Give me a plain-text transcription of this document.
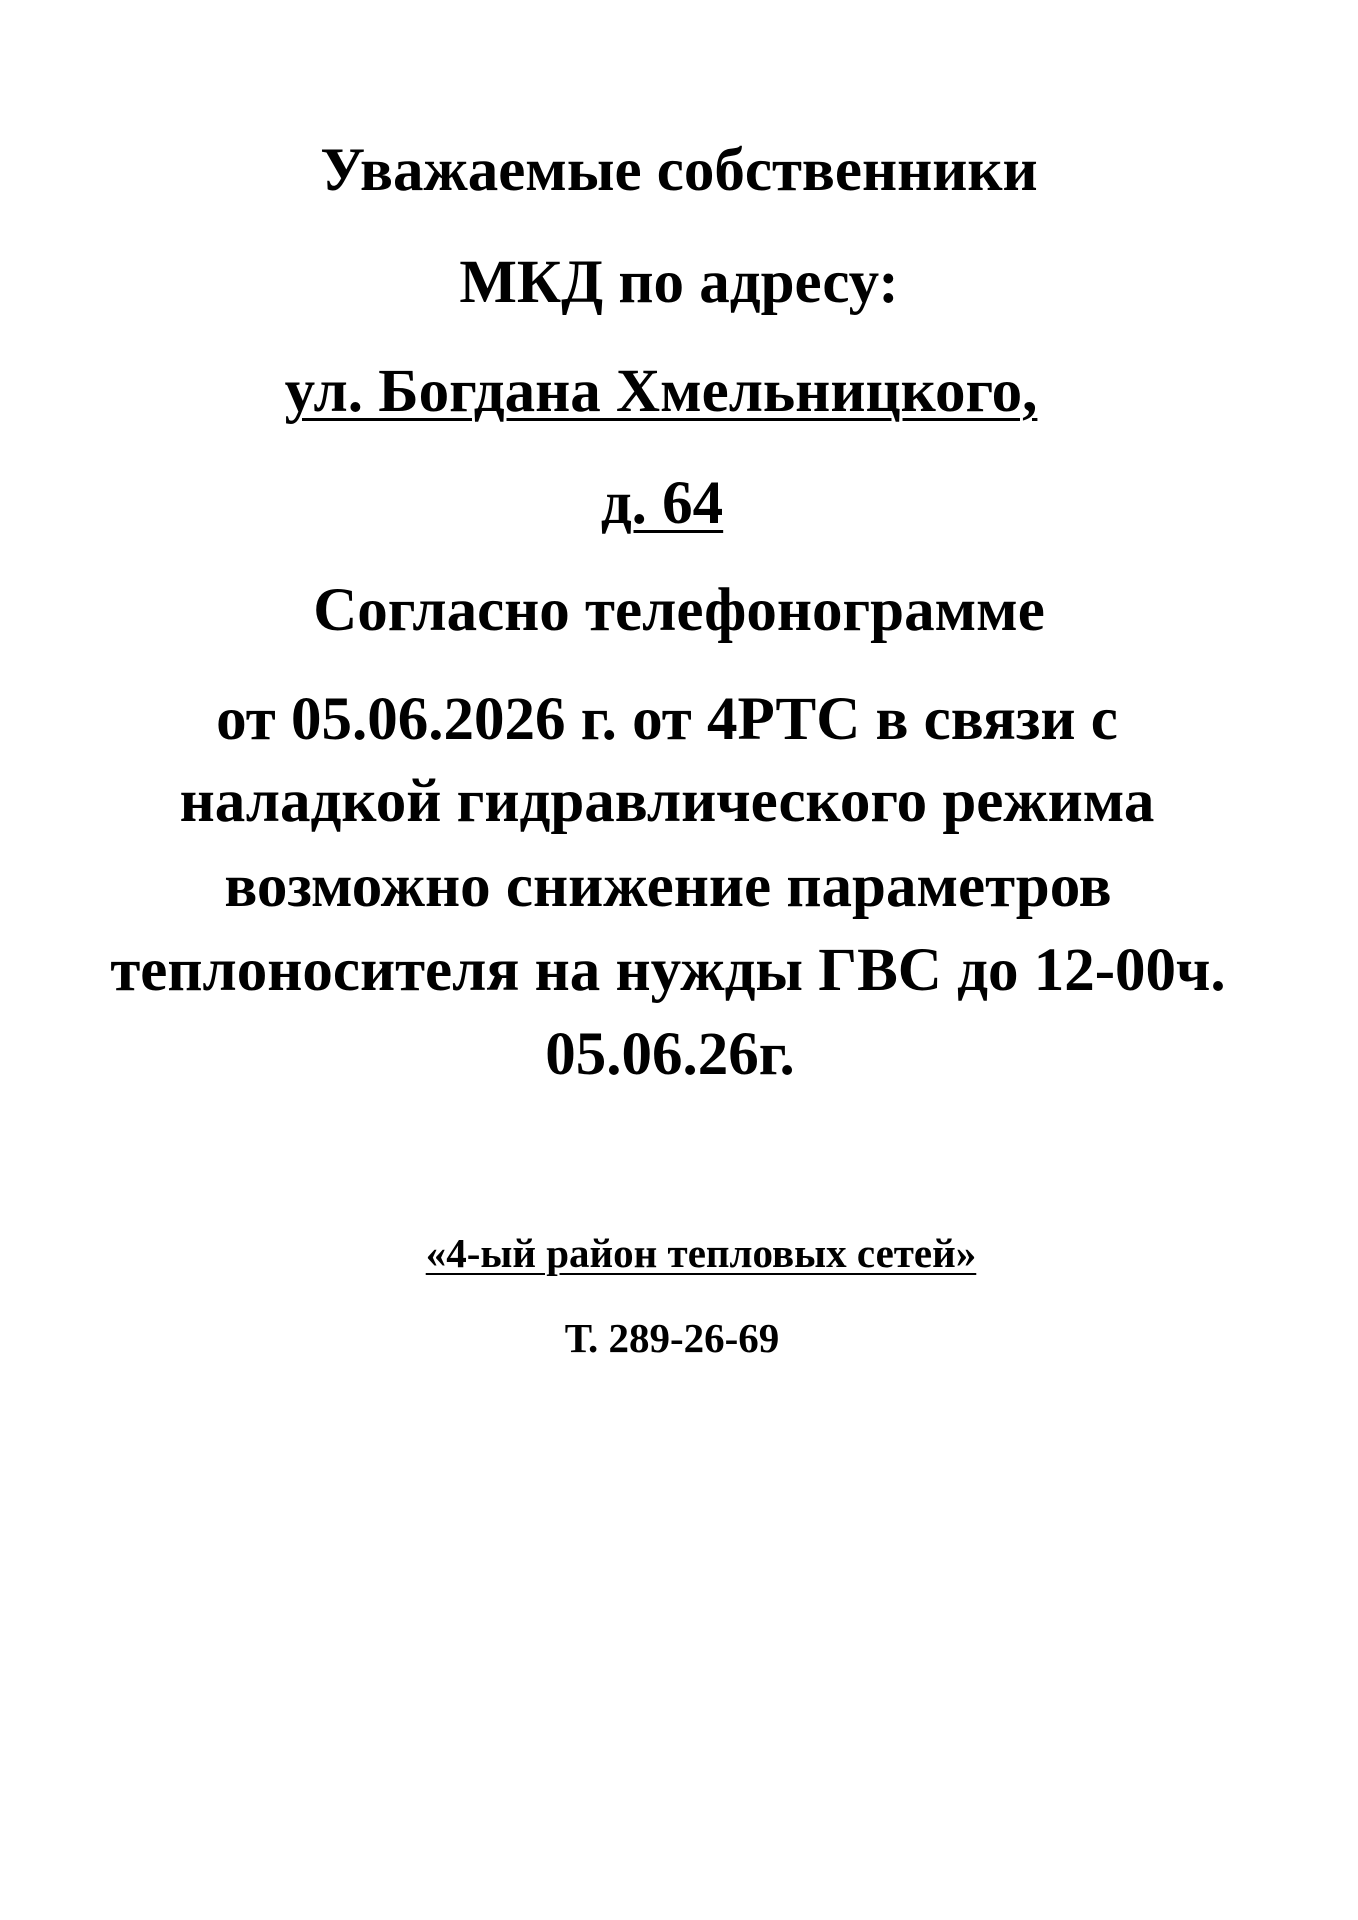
Уважаемые собственники
МКД по адресу:
ул. Богдана Хмельницкого,
д. 64
Согласно телефонограмме
от 05.06.2026 г. от 4РТС в связи с
наладкой гидравлического режима
возможно снижение параметров
теплоносителя на нужды ГВС до 12-00ч.
05.06.26г.
«4-ый район тепловых сетей»
Т. 289-26-69
